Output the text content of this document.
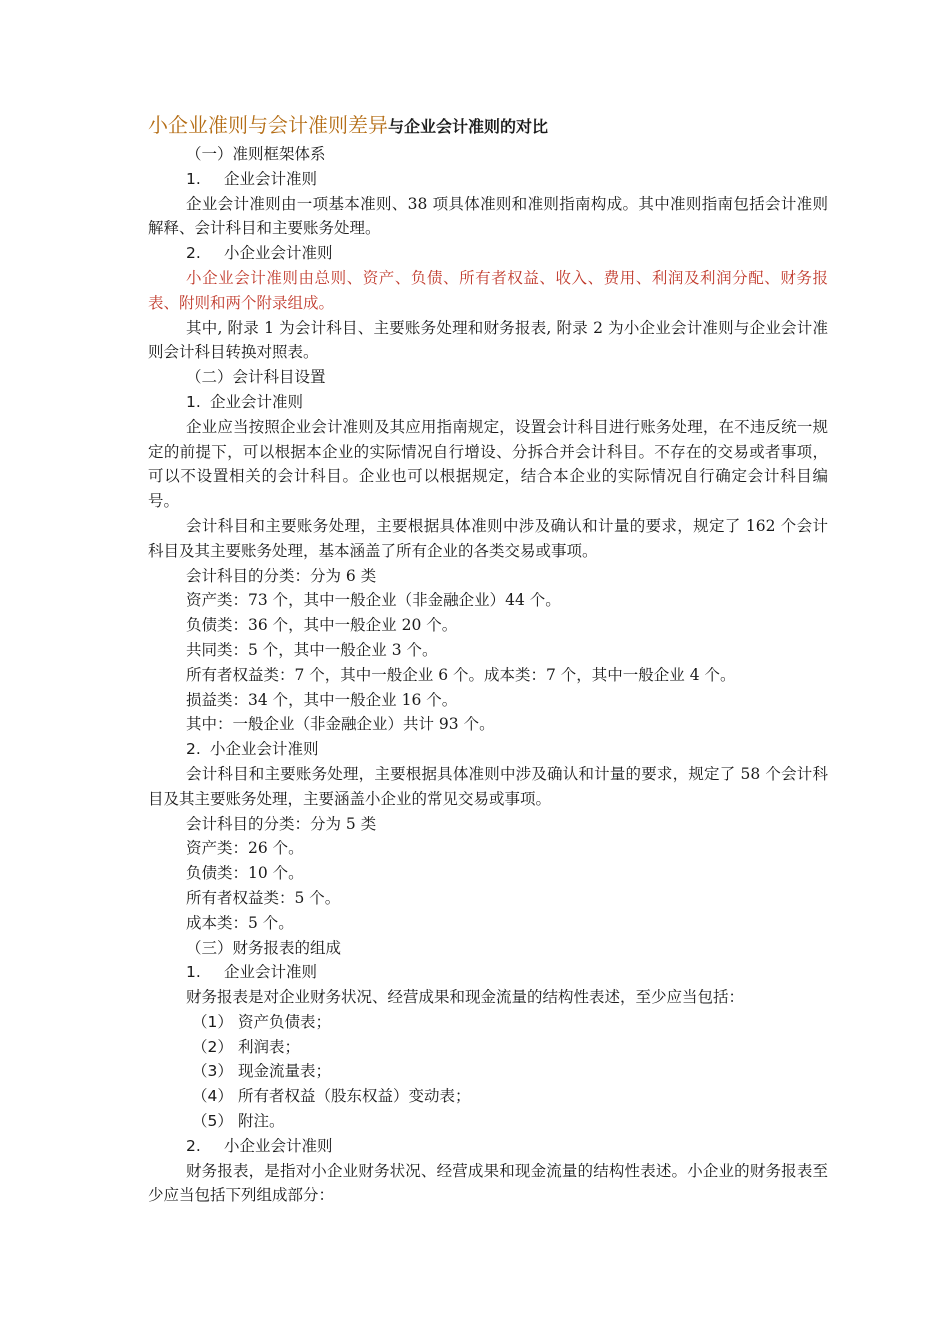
小企业准则与会计准则差异与企业会计准则的对比

（一）准则框架体系

1. 企业会计准则

企业会计准则由一项基本准则、38 项具体准则和准则指南构成。其中准则指南包括会计准则解释、会计科目和主要账务处理。

2. 小企业会计准则

小企业会计准则由总则、资产、负债、所有者权益、收入、费用、利润及利润分配、财务报表、附则和两个附录组成。

其中, 附录 1 为会计科目、主要账务处理和财务报表, 附录 2 为小企业会计准则与企业会计准则会计科目转换对照表。

（二）会计科目设置

1. 企业会计准则

企业应当按照企业会计准则及其应用指南规定，设置会计科目进行账务处理，在不违反统一规定的前提下，可以根据本企业的实际情况自行增设、分拆合并会计科目。不存在的交易或者事项，可以不设置相关的会计科目。企业也可以根据规定，结合本企业的实际情况自行确定会计科目编号。

会计科目和主要账务处理，主要根据具体准则中涉及确认和计量的要求，规定了 162 个会计科目及其主要账务处理，基本涵盖了所有企业的各类交易或事项。

会计科目的分类：分为 6 类

资产类：73 个，其中一般企业（非金融企业）44 个。

负债类：36 个，其中一般企业 20 个。

共同类：5 个，其中一般企业 3 个。

所有者权益类：7 个，其中一般企业 6 个。成本类：7 个，其中一般企业 4 个。

损益类：34 个，其中一般企业 16 个。

其中：一般企业（非金融企业）共计 93 个。

2. 小企业会计准则

会计科目和主要账务处理，主要根据具体准则中涉及确认和计量的要求，规定了 58 个会计科目及其主要账务处理，主要涵盖小企业的常见交易或事项。

会计科目的分类：分为 5 类

资产类：26 个。

负债类：10 个。

所有者权益类：5 个。

成本类：5 个。

（三）财务报表的组成

1. 企业会计准则

财务报表是对企业财务状况、经营成果和现金流量的结构性表述，至少应当包括：

（1） 资产负债表；

（2） 利润表；

（3） 现金流量表；

（4） 所有者权益（股东权益）变动表；

（5） 附注。

2. 小企业会计准则

财务报表，是指对小企业财务状况、经营成果和现金流量的结构性表述。小企业的财务报表至少应当包括下列组成部分：
